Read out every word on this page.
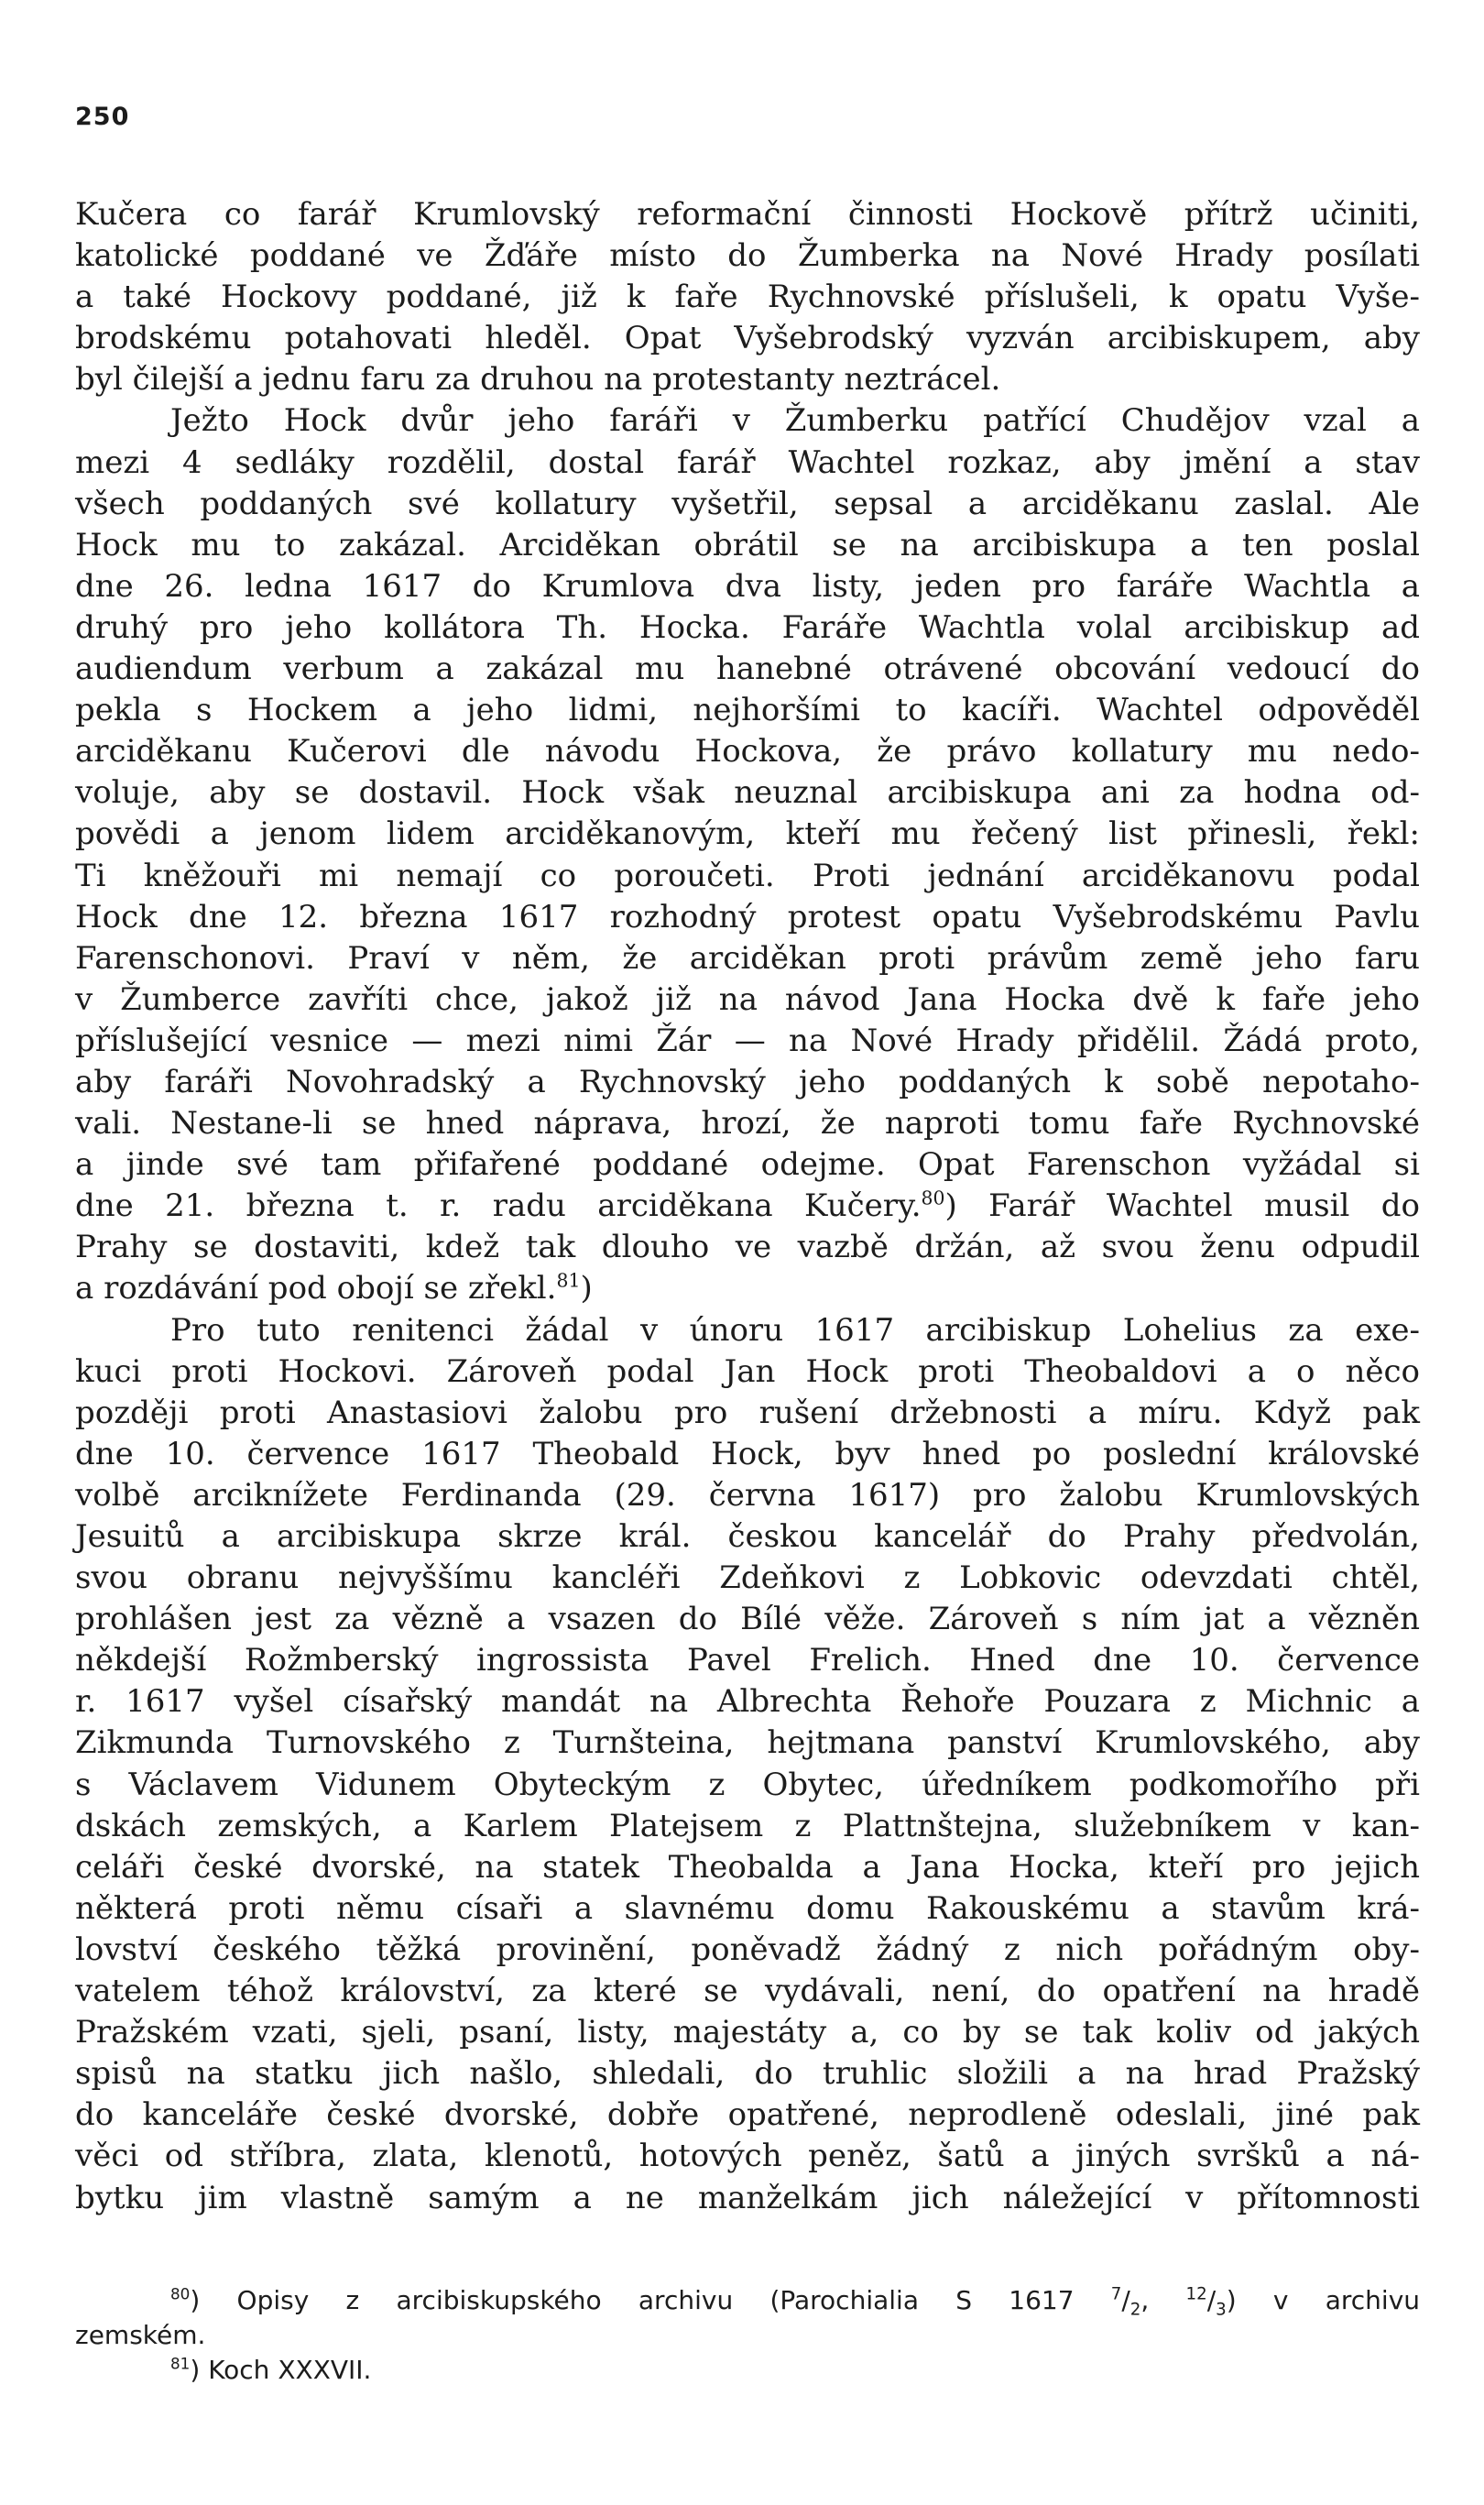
250
Kučera co farář Krumlovský reformační činnosti Hockově přítrž učiniti,
katolické poddané ve Žďáře místo do Žumberka na Nové Hrady posílati
a také Hockovy poddané, již k faře Rychnovské příslušeli, k opatu Vyše-
brodskému potahovati hleděl. Opat Vyšebrodský vyzván arcibiskupem, aby
byl čilejší a jednu faru za druhou na protestanty neztrácel.
Ježto Hock dvůr jeho faráři v Žumberku patřící Chudějov vzal a
mezi 4 sedláky rozdělil, dostal farář Wachtel rozkaz, aby jmění a stav
všech poddaných své kollatury vyšetřil, sepsal a arciděkanu zaslal. Ale
Hock mu to zakázal. Arciděkan obrátil se na arcibiskupa a ten poslal
dne 26. ledna 1617 do Krumlova dva listy, jeden pro faráře Wachtla a
druhý pro jeho kollátora Th. Hocka. Faráře Wachtla volal arcibiskup ad
audiendum verbum a zakázal mu hanebné otrávené obcování vedoucí do
pekla s Hockem a jeho lidmi, nejhoršími to kacíři. Wachtel odpověděl
arciděkanu Kučerovi dle návodu Hockova, že právo kollatury mu nedo-
voluje, aby se dostavil. Hock však neuznal arcibiskupa ani za hodna od-
povědi a jenom lidem arciděkanovým, kteří mu řečený list přinesli, řekl:
Ti kněžouři mi nemají co poroučeti. Proti jednání arciděkanovu podal
Hock dne 12. března 1617 rozhodný protest opatu Vyšebrodskému Pavlu
Farenschonovi. Praví v něm, že arciděkan proti právům země jeho faru
v Žumberce zavříti chce, jakož již na návod Jana Hocka dvě k faře jeho
příslušející vesnice — mezi nimi Žár — na Nové Hrady přidělil. Žádá proto,
aby faráři Novohradský a Rychnovský jeho poddaných k sobě nepotaho-
vali. Nestane-li se hned náprava, hrozí, že naproti tomu faře Rychnovské
a jinde své tam přifařené poddané odejme. Opat Farenschon vyžádal si
dne 21. března t. r. radu arciděkana Kučery.$^{80}$) Farář Wachtel musil do
Prahy se dostaviti, kdež tak dlouho ve vazbě držán, až svou ženu odpudil
a rozdávání pod obojí se zřekl.$^{81}$)
Pro tuto renitenci žádal v únoru 1617 arcibiskup Lohelius za exe-
kuci proti Hockovi. Zároveň podal Jan Hock proti Theobaldovi a o něco
později proti Anastasiovi žalobu pro rušení držebnosti a míru. Když pak
dne 10. července 1617 Theobald Hock, byv hned po poslední královské
volbě arciknížete Ferdinanda (29. června 1617) pro žalobu Krumlovských
Jesuitů a arcibiskupa skrze král. českou kancelář do Prahy předvolán,
svou obranu nejvyššímu kancléři Zdeňkovi z Lobkovic odevzdati chtěl,
prohlášen jest za vězně a vsazen do Bílé věže. Zároveň s ním jat a vězněn
někdejší Rožmberský ingrossista Pavel Frelich. Hned dne 10. července
r. 1617 vyšel císařský mandát na Albrechta Řehoře Pouzara z Michnic a
Zikmunda Turnovského z Turnšteina, hejtmana panství Krumlovského, aby
s Václavem Vidunem Obyteckým z Obytec, úředníkem podkomořího při
dskách zemských, a Karlem Platejsem z Plattnštejna, služebníkem v kan-
celáři české dvorské, na statek Theobalda a Jana Hocka, kteří pro jejich
některá proti němu císaři a slavnému domu Rakouskému a stavům krá-
lovství českého těžká provinění, poněvadž žádný z nich pořádným oby-
vatelem téhož království, za které se vydávali, není, do opatření na hradě
Pražském vzati, sjeli, psaní, listy, majestáty a, co by se tak koliv od jakých
spisů na statku jich našlo, shledali, do truhlic složili a na hrad Pražský
do kanceláře české dvorské, dobře opatřené, neprodleně odeslali, jiné pak
věci od stříbra, zlata, klenotů, hotových peněz, šatů a jiných svršků a ná-
bytku jim vlastně samým a ne manželkám jich náležející v přítomnosti
$^{80}$) Opisy z arcibiskupského archivu (Parochialia S 1617 $^7/_2$, $^{12}/_3$) v archivu
zemském.
$^{81}$) Koch XXXVII.
